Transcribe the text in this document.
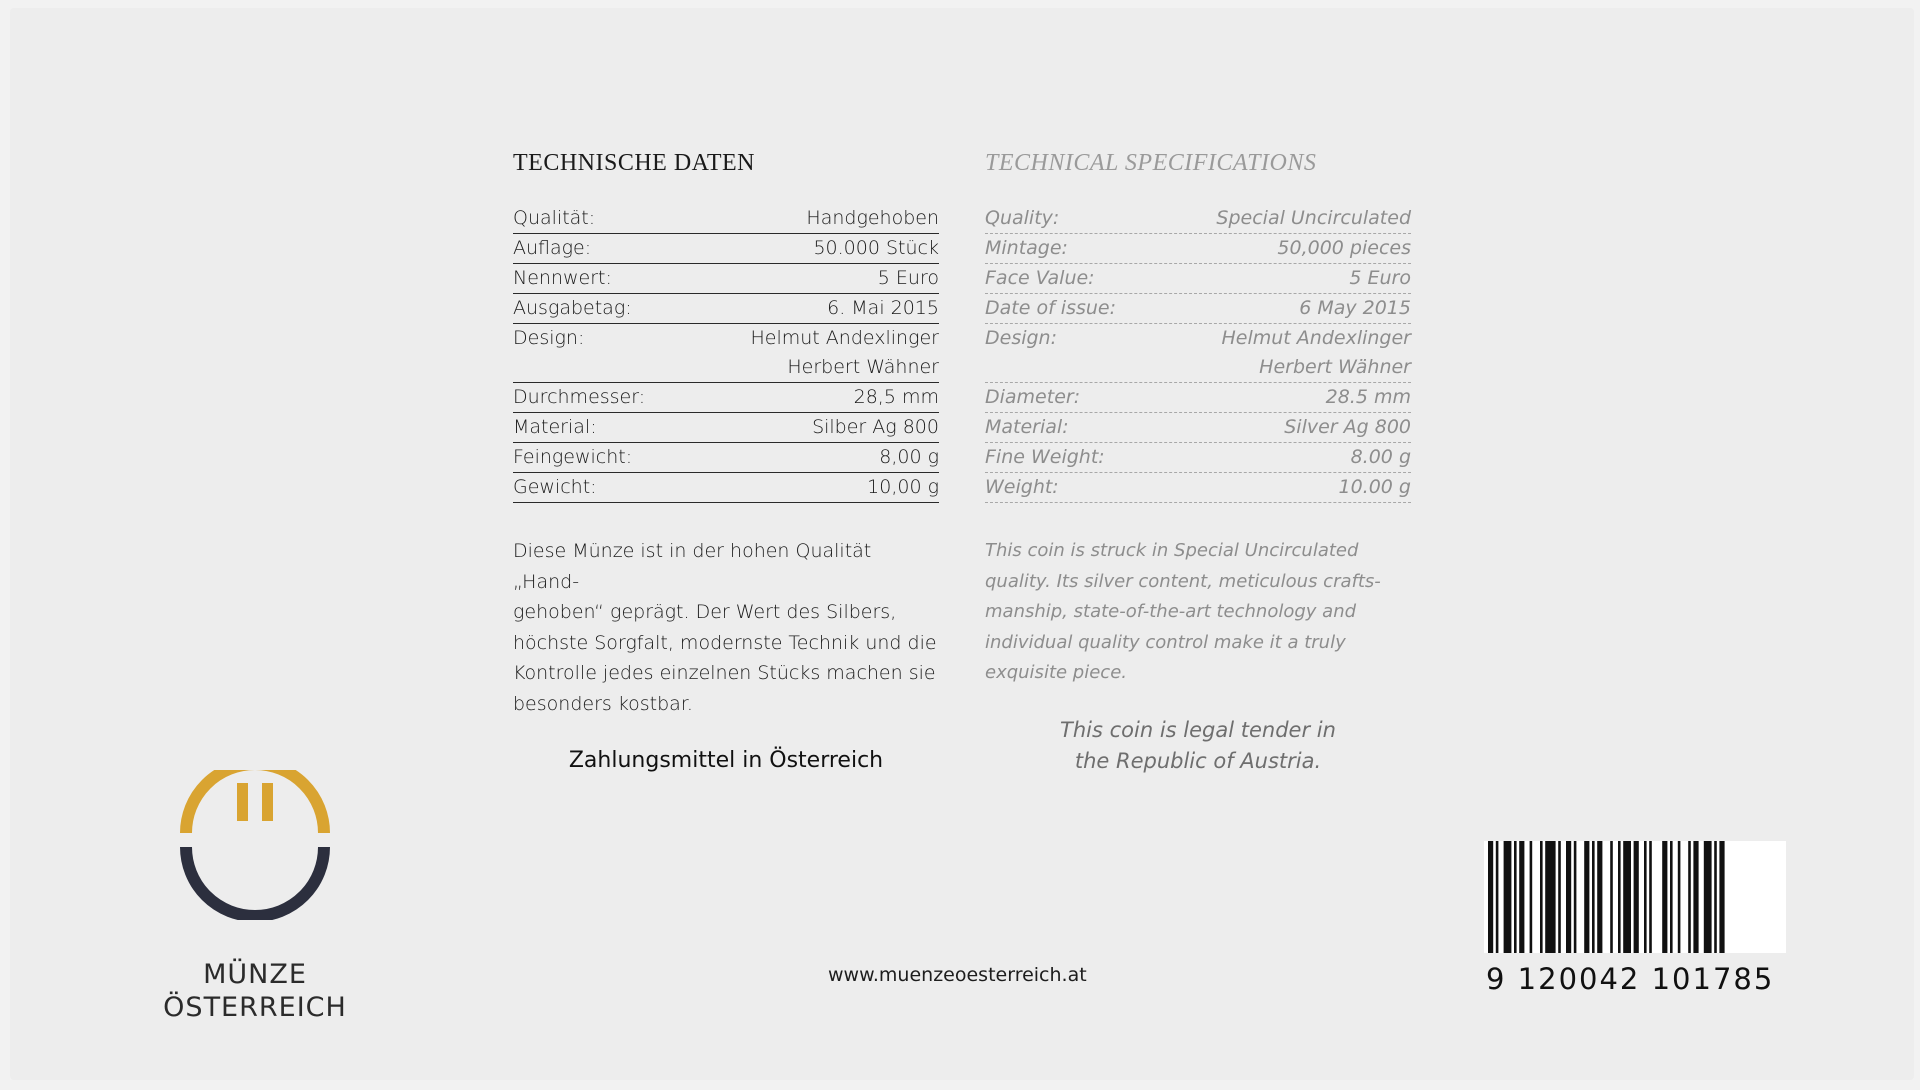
TECHNISCHE DATEN
Qualität:	Handgehoben
Auflage:	50.000 Stück
Nennwert:	5 Euro
Ausgabetag:	6. Mai 2015
Design:	Helmut Andexlinger
Herbert Wähner
Durchmesser:	28,5 mm
Material:	Silber Ag 800
Feingewicht:	8,00 g
Gewicht:	10,00 g
Diese Münze ist in der hohen Qualität „Hand-
gehoben“ geprägt. Der Wert des Silbers,
höchste Sorgfalt, modernste Technik und die
Kontrolle jedes einzelnen Stücks machen sie
besonders kostbar.
Zahlungsmittel in Österreich
TECHNICAL SPECIFICATIONS
Quality:	Special Uncirculated
Mintage:	50,000 pieces
Face Value:	5 Euro
Date of issue:	6 May 2015
Design:	Helmut Andexlinger
Herbert Wähner
Diameter:	28.5 mm
Material:	Silver Ag 800
Fine Weight:	8.00 g
Weight:	10.00 g
This coin is struck in Special Uncirculated
quality. Its silver content, meticulous crafts-
manship, state-of-the-art technology and
individual quality control make it a truly
exquisite piece.
This coin is legal tender in
the Republic of Austria.
MÜNZE
ÖSTERREICH
www.muenzeoesterreich.at	9 120042 101785
